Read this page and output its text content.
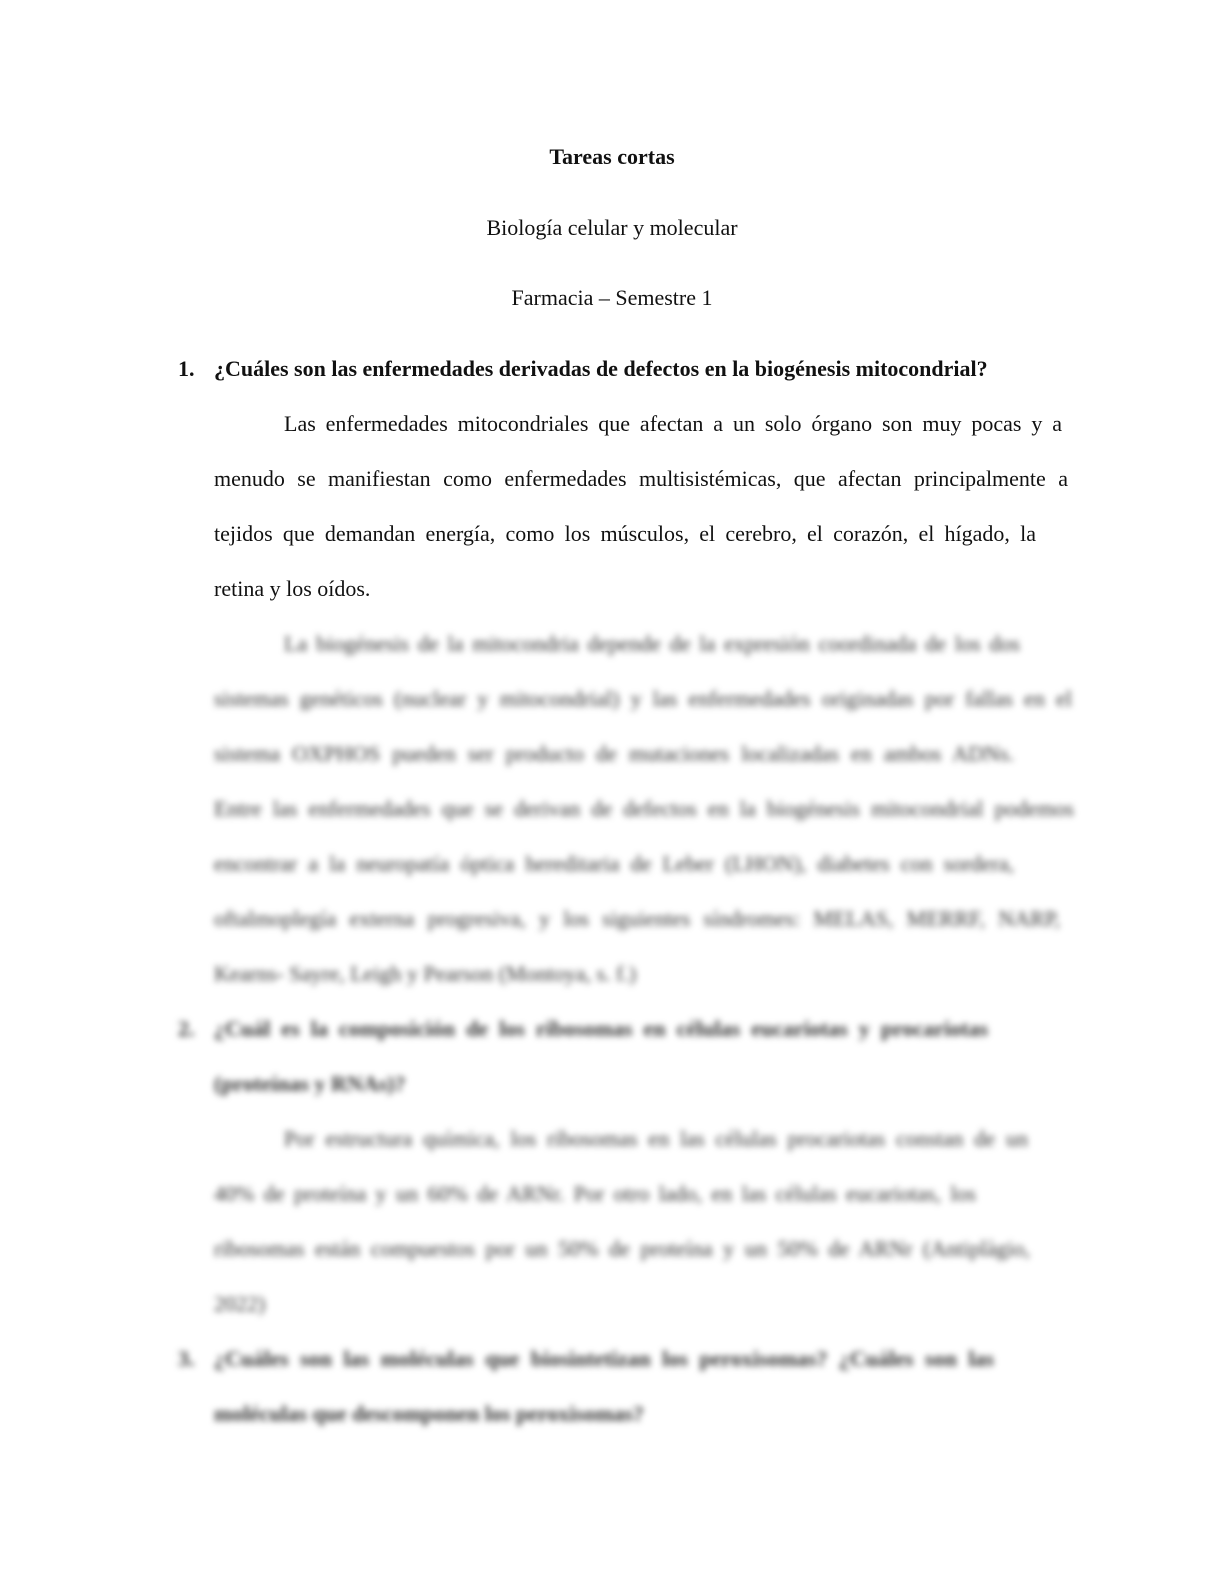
Tareas cortas
Biología celular y molecular
Farmacia – Semestre 1
1. ¿Cuáles son las enfermedades derivadas de defectos en la biogénesis mitocondrial?
Las enfermedades mitocondriales que afectan a un solo órgano son muy pocas y a
menudo se manifiestan como enfermedades multisistémicas, que afectan principalmente a
tejidos que demandan energía, como los músculos, el cerebro, el corazón, el hígado, la
retina y los oídos.
La biogénesis de la mitocondria depende de la expresión coordinada de los dos
sistemas genéticos (nuclear y mitocondrial) y las enfermedades originadas por fallas en el
sistema OXPHOS pueden ser producto de mutaciones localizadas en ambos ADNs.
Entre las enfermedades que se derivan de defectos en la biogénesis mitocondrial podemos
encontrar a la neuropatía óptica hereditaria de Leber (LHON), diabetes con sordera,
oftalmoplegía externa progresiva, y los siguientes síndromes: MELAS, MERRF, NARP,
Kearns- Sayre, Leigh y Pearson (Montoya, s. f.)
2. ¿Cuál es la composición de los ribosomas en células eucariotas y procariotas
(proteínas y RNAs)?
Por estructura química, los ribosomas en las células procariotas constan de un
40% de proteína y un 60% de ARNr. Por otro lado, en las células eucariotas, los
ribosomas están compuestos por un 50% de proteína y un 50% de ARNr (Antiplàgio,
2022)
3. ¿Cuáles son las moléculas que biosintetizan los peroxisomas? ¿Cuáles son las
moléculas que descomponen los peroxisomas?
